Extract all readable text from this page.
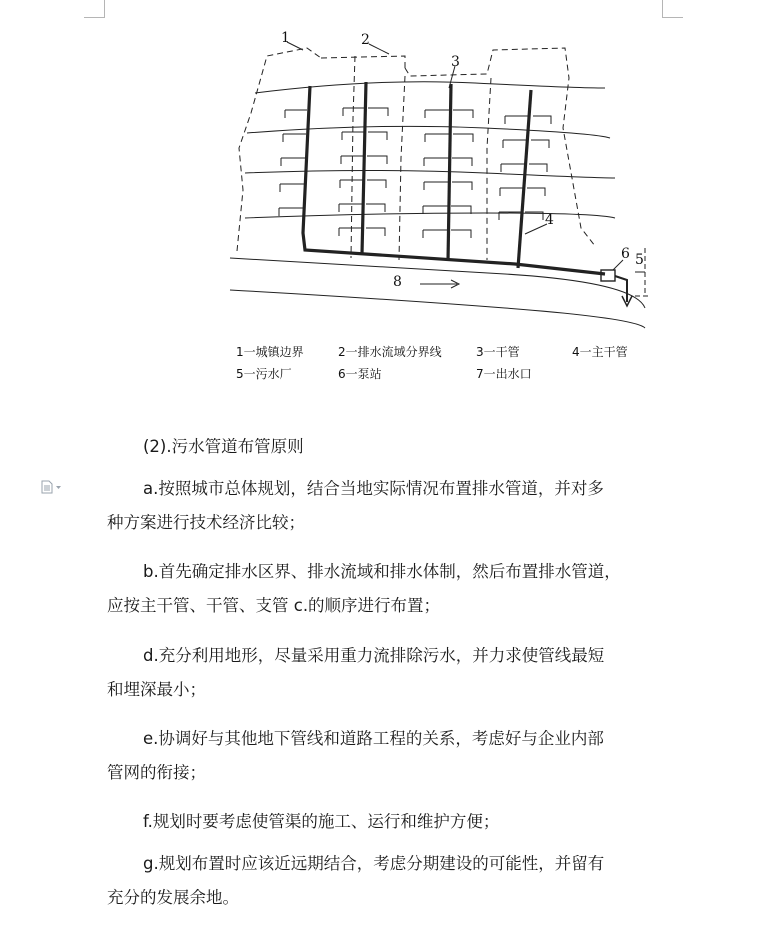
1	2
3
4
5
6
8
1一城镇边界	2一排水流域分界线	3一干管	4一主干管
5一污水厂	6一泵站	7一出水口
(2).污水管道布管原则
a.按照城市总体规划，结合当地实际情况布置排水管道，并对多
种方案进行技术经济比较；
b.首先确定排水区界、排水流域和排水体制，然后布置排水管道，
应按主干管、干管、支管 c.的顺序进行布置；
d.充分利用地形，尽量采用重力流排除污水，并力求使管线最短
和埋深最小；
e.协调好与其他地下管线和道路工程的关系，考虑好与企业内部
管网的衔接；
f.规划时要考虑使管渠的施工、运行和维护方便；
g.规划布置时应该近远期结合，考虑分期建设的可能性，并留有
充分的发展余地。
